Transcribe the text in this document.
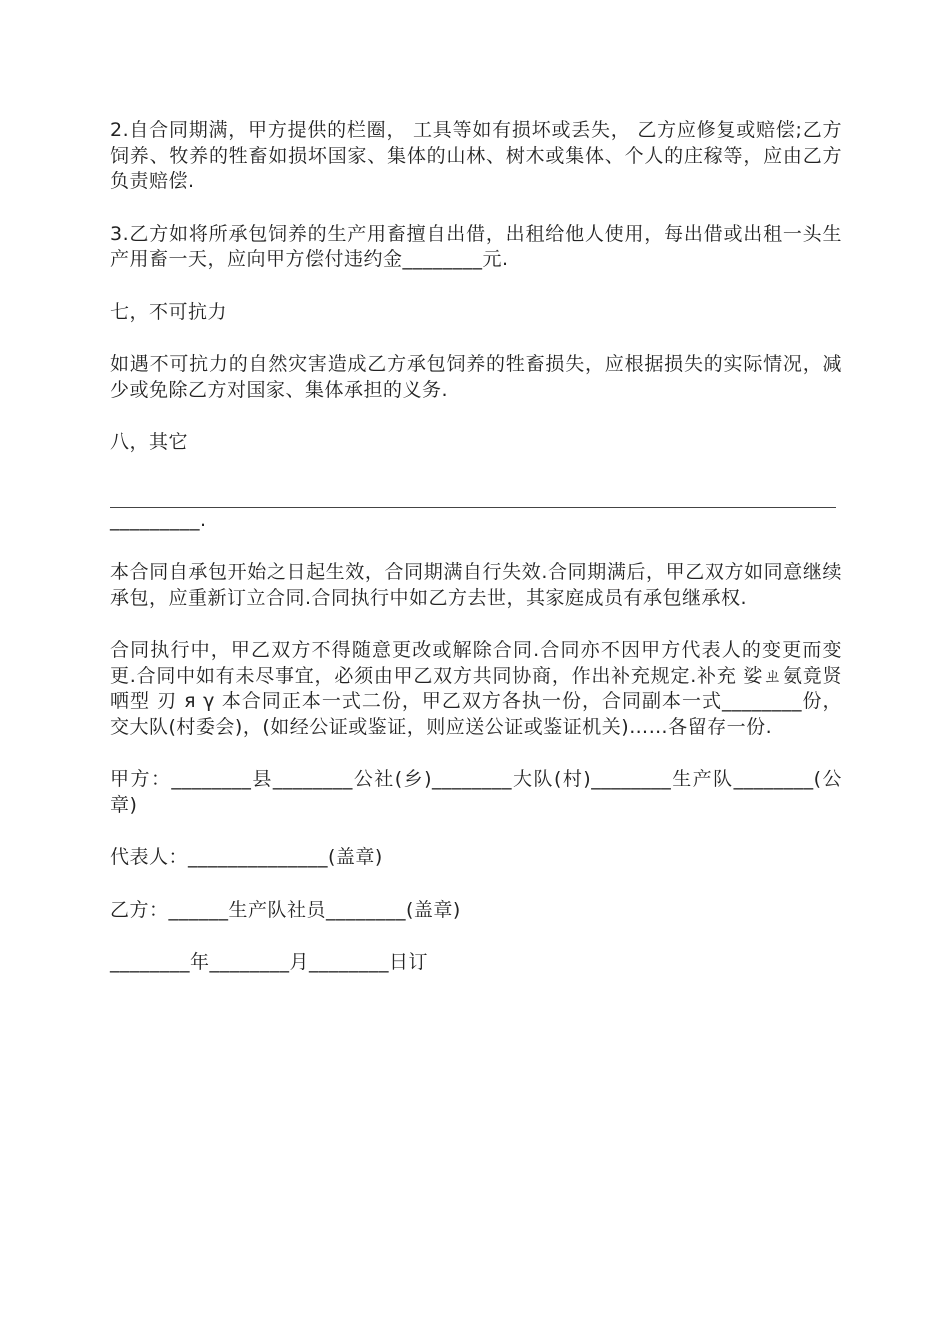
2.自合同期满，甲方提供的栏圈， 工具等如有损坏或丢失， 乙方应修复或赔偿;乙方饲养、牧养的牲畜如损坏国家、集体的山林、树木或集体、个人的庄稼等，应由乙方负责赔偿.

3.乙方如将所承包饲养的生产用畜擅自出借，出租给他人使用，每出借或出租一头生产用畜一天，应向甲方偿付违约金________元.

七，不可抗力

如遇不可抗力的自然灾害造成乙方承包饲养的牲畜损失，应根据损失的实际情况，减少或免除乙方对国家、集体承担的义务.

八，其它

_________.

本合同自承包开始之日起生效，合同期满自行失效.合同期满后，甲乙双方如同意继续承包，应重新订立合同.合同执行中如乙方去世，其家庭成员有承包继承权.

合同执行中，甲乙双方不得随意更改或解除合同.合同亦不因甲方代表人的变更而变更.合同中如有未尽事宜，必须由甲乙双方共同协商，作出补充规定.补充 娑ㄓ氨竟贤 哂型 刃 я γ 本合同正本一式二份，甲乙双方各执一份，合同副本一式________份，交大队(村委会)，(如经公证或鉴证，则应送公证或鉴证机关)……各留存一份.

甲方：________县________公社(乡)________大队(村)________生产队________(公章)

代表人：______________(盖章)

乙方：______生产队社员________(盖章)

________年________月________日订
